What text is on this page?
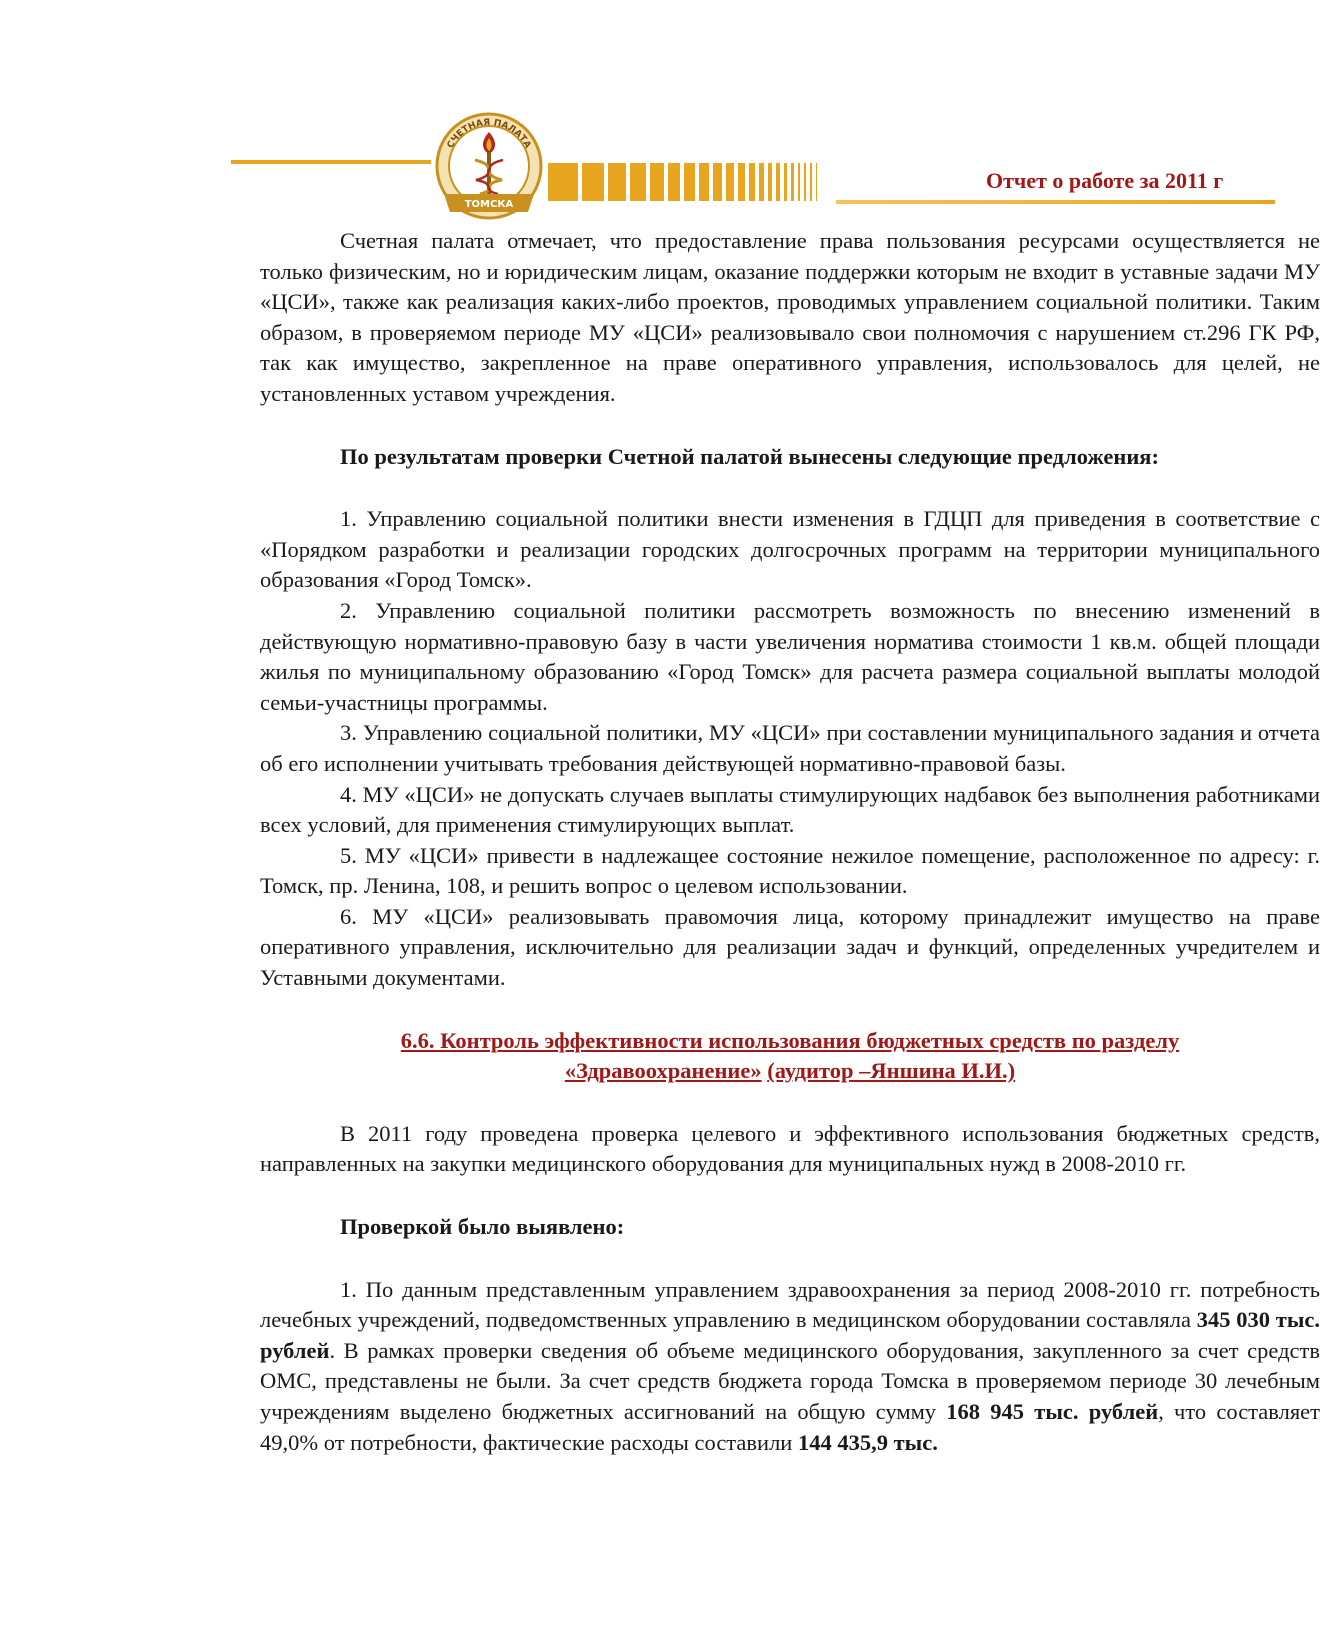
СЧЕТНАЯ ПАЛАТА
ТОМСКА
Отчет о работе за 2011 г

Счетная палата отмечает, что предоставление права пользования ресурсами осуществляется не только физическим, но и юридическим лицам, оказание поддержки которым не входит в уставные задачи МУ «ЦСИ», также как реализация каких-либо проектов, проводимых управлением социальной политики. Таким образом, в проверяемом периоде МУ «ЦСИ» реализовывало свои полномочия с нарушением ст.296 ГК РФ, так как имущество, закрепленное на праве оперативного управления, использовалось для целей, не установленных уставом учреждения.

По результатам проверки Счетной палатой вынесены следующие предложения:

1. Управлению социальной политики внести изменения в ГДЦП для приведения в соответствие с «Порядком разработки и реализации городских долгосрочных программ на территории муниципального образования «Город Томск».

2. Управлению социальной политики рассмотреть возможность по внесению изменений в действующую нормативно-правовую базу в части увеличения норматива стоимости 1 кв.м. общей площади жилья по муниципальному образованию «Город Томск» для расчета размера социальной выплаты молодой семьи-участницы программы.

3. Управлению социальной политики, МУ «ЦСИ» при составлении муниципального задания и отчета об его исполнении учитывать требования действующей нормативно-правовой базы.

4. МУ «ЦСИ» не допускать случаев выплаты стимулирующих надбавок без выполнения работниками всех условий, для применения стимулирующих выплат.

5. МУ «ЦСИ» привести в надлежащее состояние нежилое помещение, расположенное по адресу: г. Томск, пр. Ленина, 108, и решить вопрос о целевом использовании.

6. МУ «ЦСИ» реализовывать правомочия лица, которому принадлежит имущество на праве оперативного управления, исключительно для реализации задач и функций, определенных учредителем и Уставными документами.

6.6. Контроль эффективности использования бюджетных средств по разделу
«Здравоохранение» (аудитор –Яншина И.И.)

В 2011 году проведена проверка целевого и эффективного использования бюджетных средств, направленных на закупки медицинского оборудования для муниципальных нужд в 2008-2010 гг.

Проверкой было выявлено:

1. По данным представленным управлением здравоохранения за период 2008-2010 гг. потребность лечебных учреждений, подведомственных управлению в медицинском оборудовании составляла 345 030 тыс. рублей. В рамках проверки сведения об объеме медицинского оборудования, закупленного за счет средств ОМС, представлены не были. За счет средств бюджета города Томска в проверяемом периоде 30 лечебным учреждениям выделено бюджетных ассигнований на общую сумму 168 945 тыс. рублей, что составляет 49,0% от потребности, фактические расходы составили 144 435,9 тыс.
